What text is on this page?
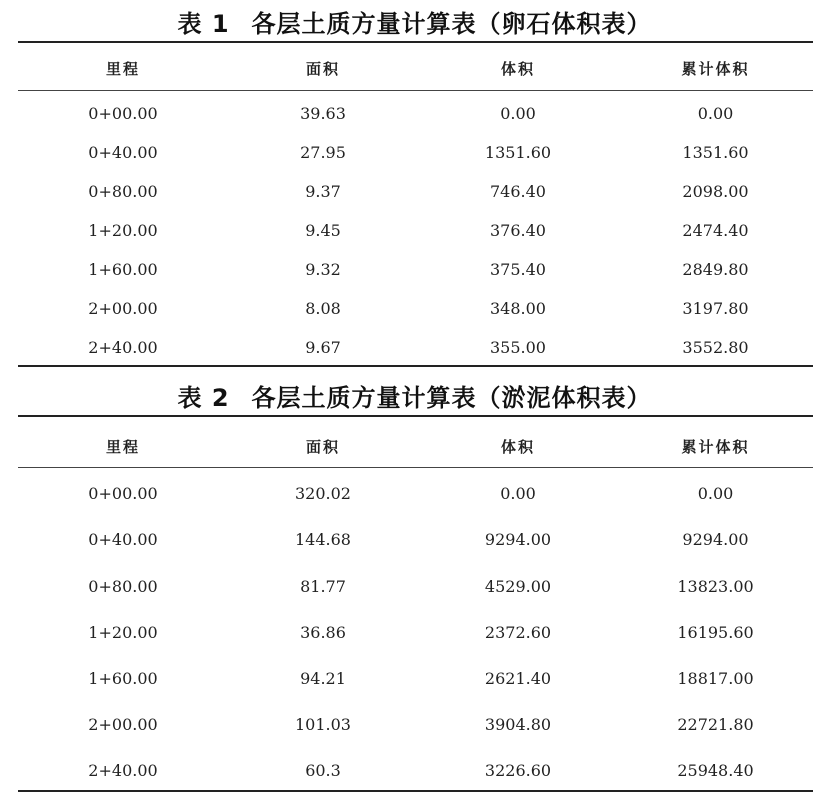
表 1 各层土质方量计算表（卵石体积表）
里程	面积	体积	累计体积
0+00.00	39.63	0.00	0.00
0+40.00	27.95	1351.60	1351.60
0+80.00	9.37	746.40	2098.00
1+20.00	9.45	376.40	2474.40
1+60.00	9.32	375.40	2849.80
2+00.00	8.08	348.00	3197.80
2+40.00	9.67	355.00	3552.80
表 2 各层土质方量计算表（淤泥体积表）
里程	面积	体积	累计体积
0+00.00	320.02	0.00	0.00
0+40.00	144.68	9294.00	9294.00
0+80.00	81.77	4529.00	13823.00
1+20.00	36.86	2372.60	16195.60
1+60.00	94.21	2621.40	18817.00
2+00.00	101.03	3904.80	22721.80
2+40.00	60.3	3226.60	25948.40
